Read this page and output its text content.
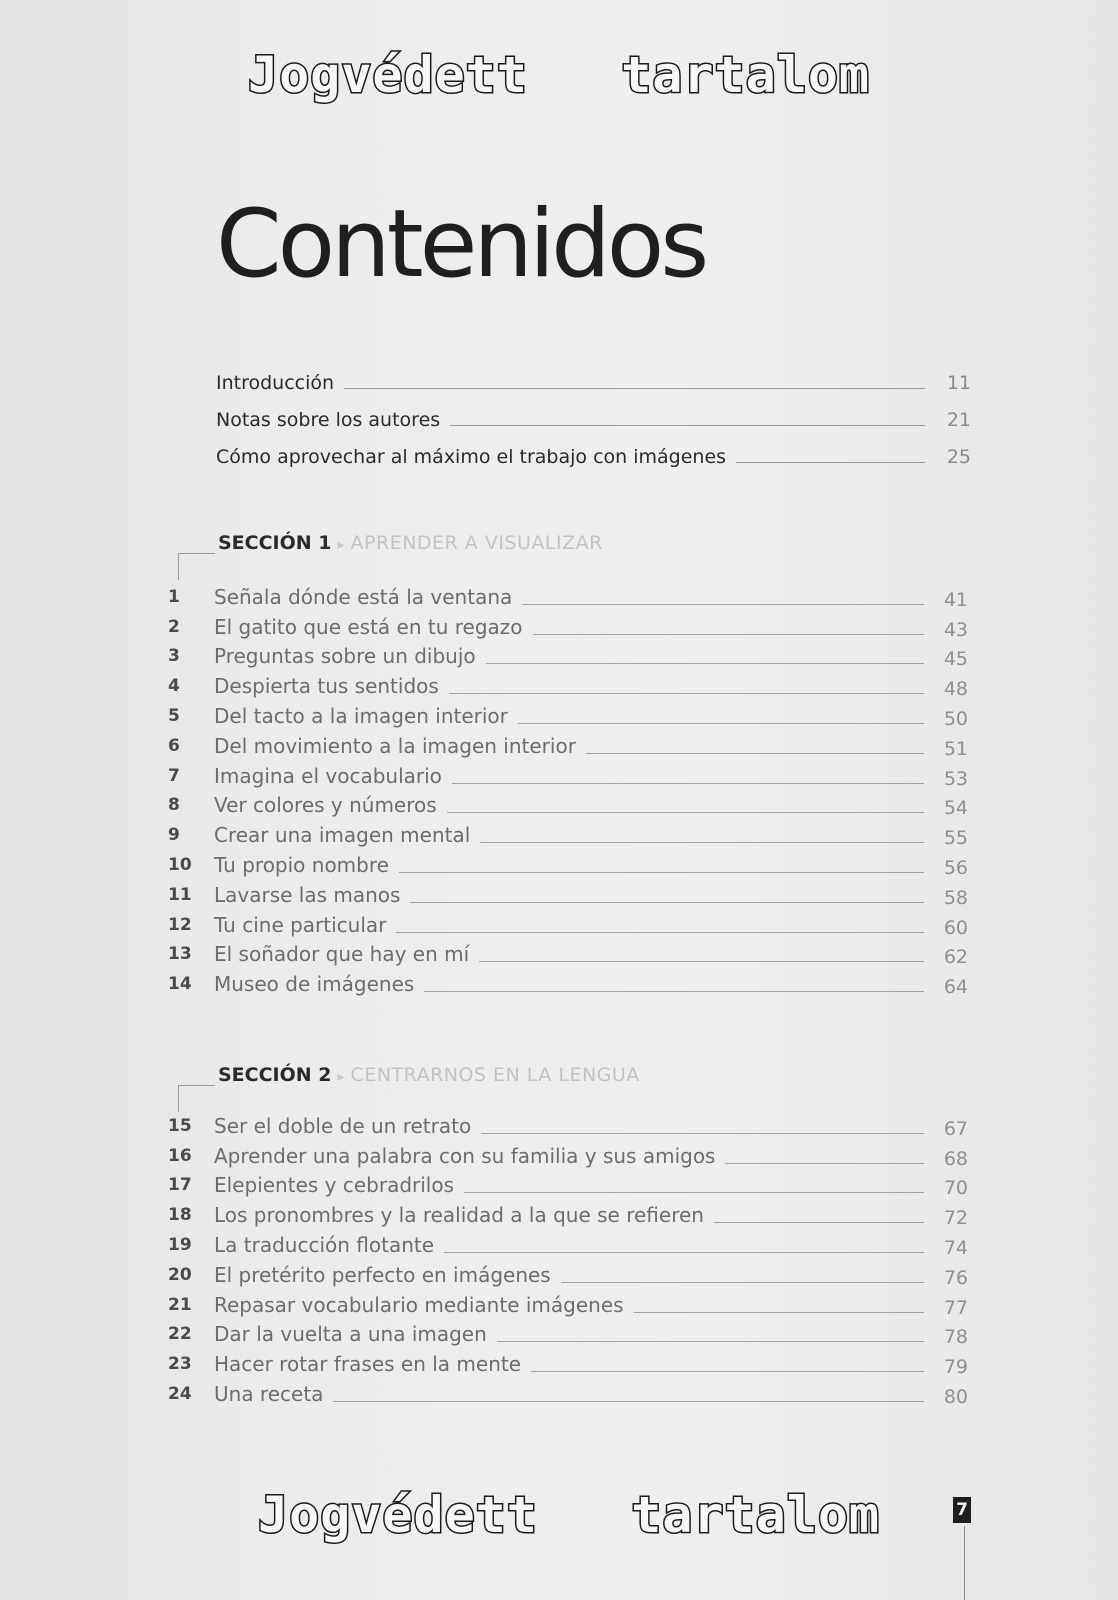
Jogvédett   tartalom
Contenidos
Introducción	11
Notas sobre los autores	21
Cómo aprovechar al máximo el trabajo con imágenes	25
SECCIÓN 1 ▸ APRENDER A VISUALIZAR
1	Señala dónde está la ventana	41
2	El gatito que está en tu regazo	43
3	Preguntas sobre un dibujo	45
4	Despierta tus sentidos	48
5	Del tacto a la imagen interior	50
6	Del movimiento a la imagen interior	51
7	Imagina el vocabulario	53
8	Ver colores y números	54
9	Crear una imagen mental	55
10	Tu propio nombre	56
11	Lavarse las manos	58
12	Tu cine particular	60
13	El soñador que hay en mí	62
14	Museo de imágenes	64
SECCIÓN 2 ▸ CENTRARNOS EN LA LENGUA
15	Ser el doble de un retrato	67
16	Aprender una palabra con su familia y sus amigos	68
17	Elepientes y cebradrilos	70
18	Los pronombres y la realidad a la que se refieren	72
19	La traducción flotante	74
20	El pretérito perfecto en imágenes	76
21	Repasar vocabulario mediante imágenes	77
22	Dar la vuelta a una imagen	78
23	Hacer rotar frases en la mente	79
24	Una receta	80
Jogvédett   tartalom	7
